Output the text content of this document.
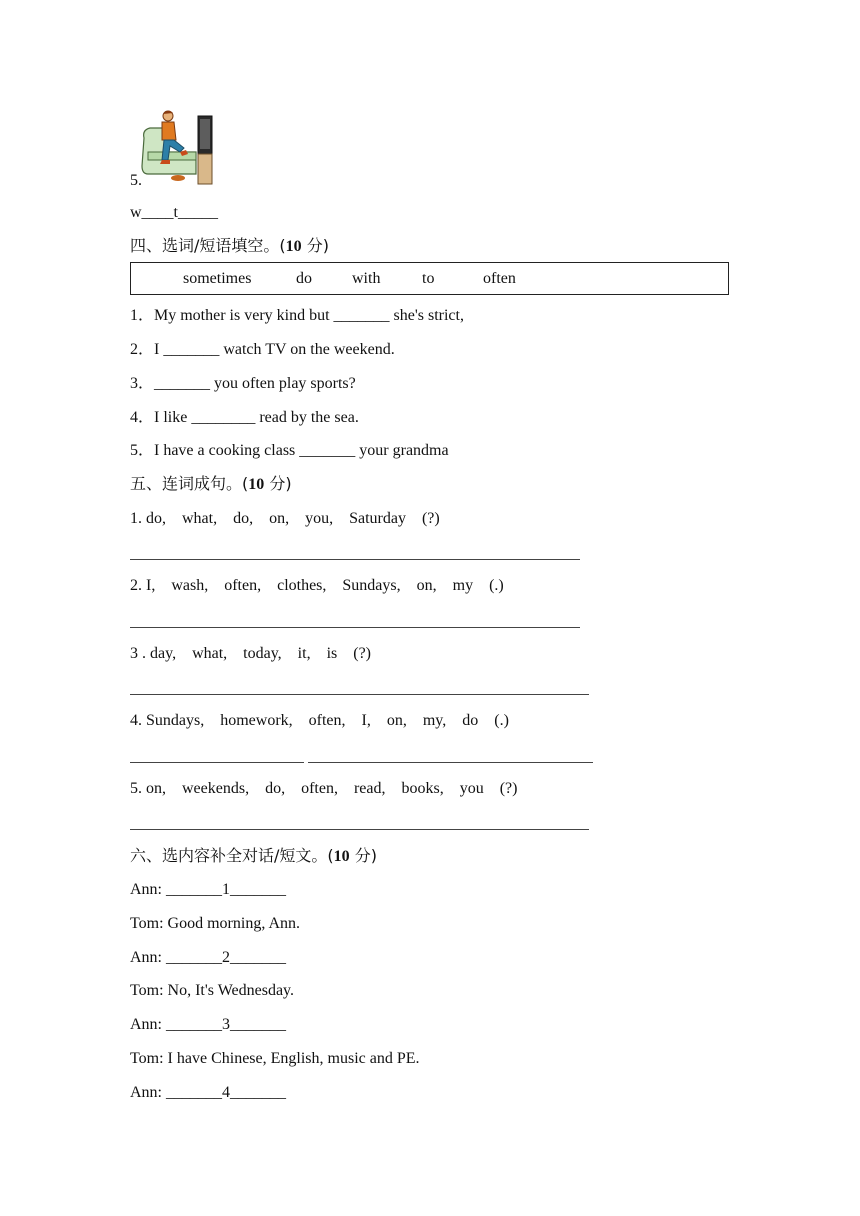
5.
w____t_____
四、选词/短语填空。(10 分)
sometimes	do	with	to	often
1．My mother is very kind but _______ she's strict,
2．I _______ watch TV on the weekend.
3．_______ you often play sports?
4．I like ________ read by the sea.
5．I have a cooking class _______ your grandma
五、连词成句。(10 分)
1. do,    what,    do,    on,    you,    Saturday    (?)
2. I,    wash,    often,    clothes,    Sundays,    on,    my    (.)
3 . day,    what,    today,    it,    is    (?)
4. Sundays,    homework,    often,    I,    on,    my,    do    (.)
5. on,    weekends,    do,    often,    read,    books,    you    (?)
六、选内容补全对话/短文。(10 分)
Ann: _______1_______
Tom: Good morning, Ann.
Ann: _______2_______
Tom: No, It's Wednesday.
Ann: _______3_______
Tom: I have Chinese, English, music and PE.
Ann: _______4_______
